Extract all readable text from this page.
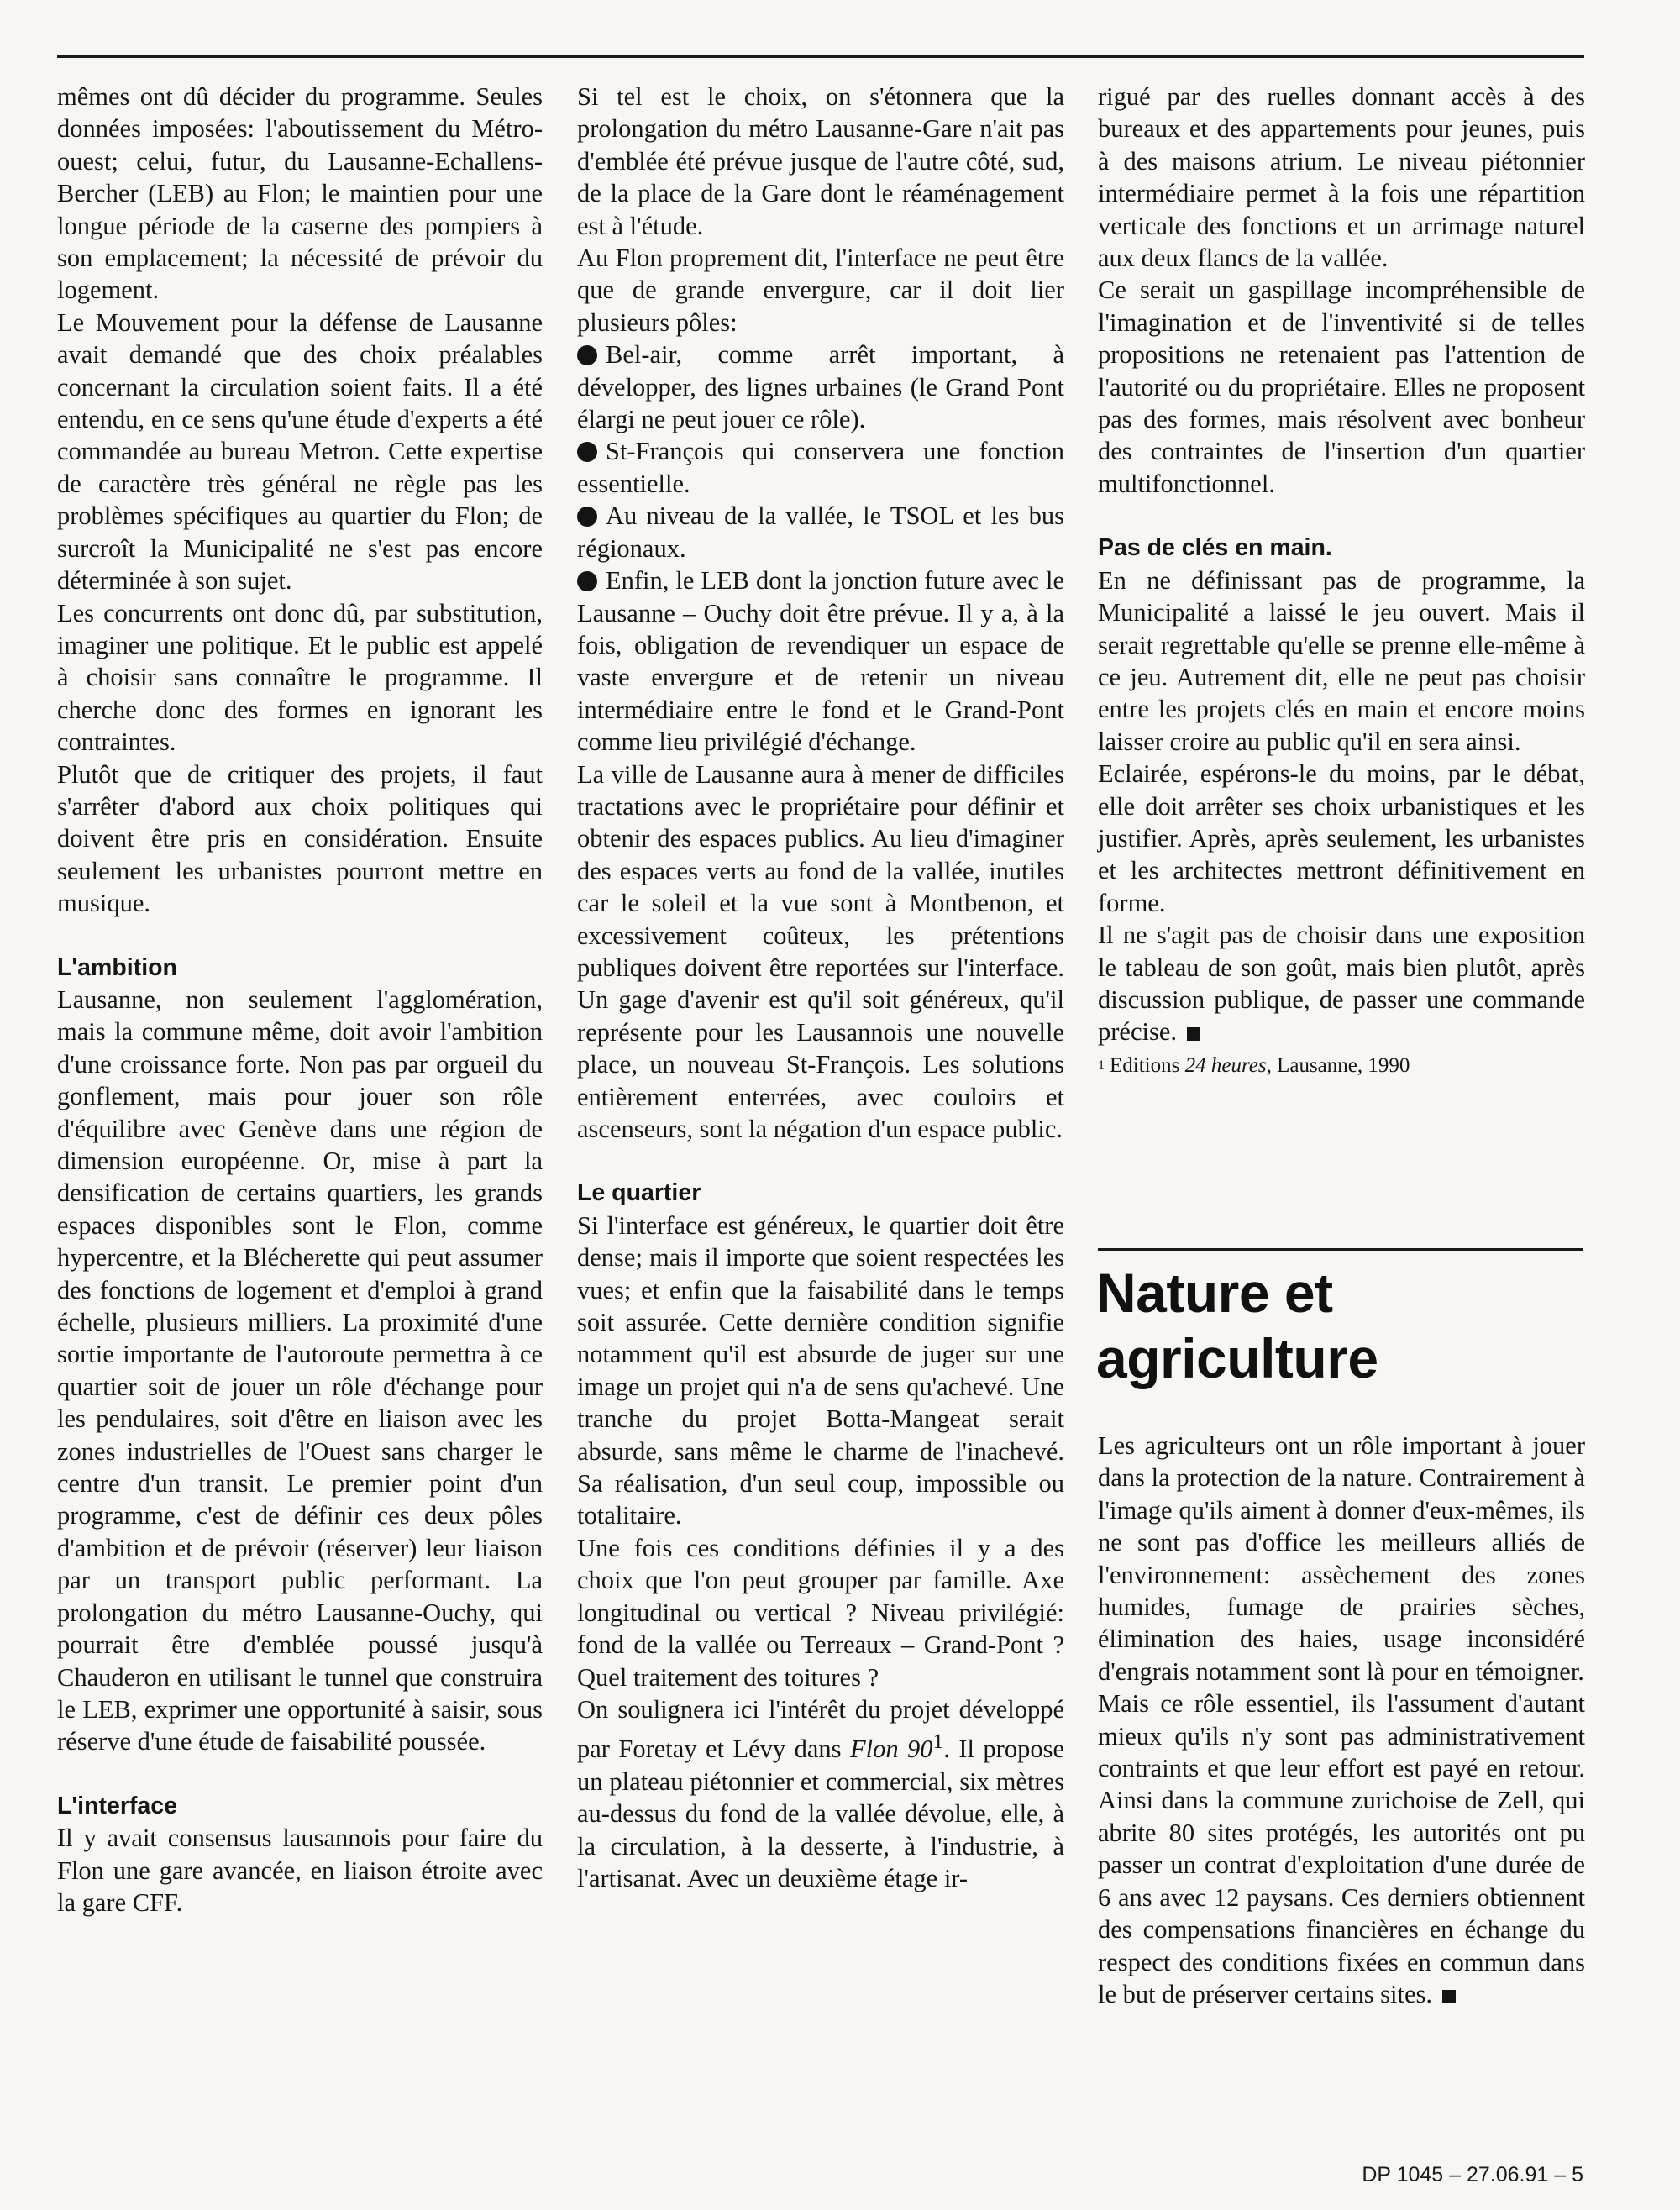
mêmes ont dû décider du programme. Seules données imposées: l'aboutissement du Métro-ouest; celui, futur, du Lausanne-Echallens-Bercher (LEB) au Flon; le maintien pour une longue période de la caserne des pompiers à son emplacement; la nécessité de prévoir du logement.

Le Mouvement pour la défense de Lausanne avait demandé que des choix préalables concernant la circulation soient faits. Il a été entendu, en ce sens qu'une étude d'experts a été commandée au bureau Metron. Cette expertise de caractère très général ne règle pas les problèmes spécifiques au quartier du Flon; de surcroît la Municipalité ne s'est pas encore déterminée à son sujet.

Les concurrents ont donc dû, par substitution, imaginer une politique. Et le public est appelé à choisir sans connaître le programme. Il cherche donc des formes en ignorant les contraintes.

Plutôt que de critiquer des projets, il faut s'arrêter d'abord aux choix politiques qui doivent être pris en considération. Ensuite seulement les urbanistes pourront mettre en musique.

L'ambition

Lausanne, non seulement l'agglomération, mais la commune même, doit avoir l'ambition d'une croissance forte. Non pas par orgueil du gonflement, mais pour jouer son rôle d'équilibre avec Genève dans une région de dimension européenne. Or, mise à part la densification de certains quartiers, les grands espaces disponibles sont le Flon, comme hypercentre, et la Blécherette qui peut assumer des fonctions de logement et d'emploi à grand échelle, plusieurs milliers. La proximité d'une sortie importante de l'autoroute permettra à ce quartier soit de jouer un rôle d'échange pour les pendulaires, soit d'être en liaison avec les zones industrielles de l'Ouest sans charger le centre d'un transit. Le premier point d'un programme, c'est de définir ces deux pôles d'ambition et de prévoir (réserver) leur liaison par un transport public performant. La prolongation du métro Lausanne-Ouchy, qui pourrait être d'emblée poussé jusqu'à Chauderon en utilisant le tunnel que construira le LEB, exprimer une opportunité à saisir, sous réserve d'une étude de faisabilité poussée.

L'interface

Il y avait consensus lausannois pour faire du Flon une gare avancée, en liaison étroite avec la gare CFF.

Si tel est le choix, on s'étonnera que la prolongation du métro Lausanne-Gare n'ait pas d'emblée été prévue jusque de l'autre côté, sud, de la place de la Gare dont le réaménagement est à l'étude.

Au Flon proprement dit, l'interface ne peut être que de grande envergure, car il doit lier plusieurs pôles:

Bel-air, comme arrêt important, à développer, des lignes urbaines (le Grand Pont élargi ne peut jouer ce rôle).

St-François qui conservera une fonction essentielle.

Au niveau de la vallée, le TSOL et les bus régionaux.

Enfin, le LEB dont la jonction future avec le Lausanne – Ouchy doit être prévue. Il y a, à la fois, obligation de revendiquer un espace de vaste envergure et de retenir un niveau intermédiaire entre le fond et le Grand-Pont comme lieu privilégié d'échange.

La ville de Lausanne aura à mener de difficiles tractations avec le propriétaire pour définir et obtenir des espaces publics. Au lieu d'imaginer des espaces verts au fond de la vallée, inutiles car le soleil et la vue sont à Montbenon, et excessivement coûteux, les prétentions publiques doivent être reportées sur l'interface. Un gage d'avenir est qu'il soit généreux, qu'il représente pour les Lausannois une nouvelle place, un nouveau St-François. Les solutions entièrement enterrées, avec couloirs et ascenseurs, sont la négation d'un espace public.

Le quartier

Si l'interface est généreux, le quartier doit être dense; mais il importe que soient respectées les vues; et enfin que la faisabilité dans le temps soit assurée. Cette dernière condition signifie notamment qu'il est absurde de juger sur une image un projet qui n'a de sens qu'achevé. Une tranche du projet Botta-Mangeat serait absurde, sans même le charme de l'inachevé. Sa réalisation, d'un seul coup, impossible ou totalitaire.

Une fois ces conditions définies il y a des choix que l'on peut grouper par famille. Axe longitudinal ou vertical ? Niveau privilégié: fond de la vallée ou Terreaux – Grand-Pont ? Quel traitement des toitures ?

On soulignera ici l'intérêt du projet développé par Foretay et Lévy dans Flon $90^1$. Il propose un plateau piétonnier et commercial, six mètres au-dessus du fond de la vallée dévolue, elle, à la circulation, à la desserte, à l'industrie, à l'artisanat. Avec un deuxième étage ir-

rigué par des ruelles donnant accès à des bureaux et des appartements pour jeunes, puis à des maisons atrium. Le niveau piétonnier intermédiaire permet à la fois une répartition verticale des fonctions et un arrimage naturel aux deux flancs de la vallée.

Ce serait un gaspillage incompréhensible de l'imagination et de l'inventivité si de telles propositions ne retenaient pas l'attention de l'autorité ou du propriétaire. Elles ne proposent pas des formes, mais résolvent avec bonheur des contraintes de l'insertion d'un quartier multifonctionnel.

Pas de clés en main.

En ne définissant pas de programme, la Municipalité a laissé le jeu ouvert. Mais il serait regrettable qu'elle se prenne elle-même à ce jeu. Autrement dit, elle ne peut pas choisir entre les projets clés en main et encore moins laisser croire au public qu'il en sera ainsi.

Eclairée, espérons-le du moins, par le débat, elle doit arrêter ses choix urbanistiques et les justifier. Après, après seulement, les urbanistes et les architectes mettront définitivement en forme.

Il ne s'agit pas de choisir dans une exposition le tableau de son goût, mais bien plutôt, après discussion publique, de passer une commande précise.

$^1$ Editions 24 heures, Lausanne, 1990
Nature et
agriculture

Les agriculteurs ont un rôle important à jouer dans la protection de la nature. Contrairement à l'image qu'ils aiment à donner d'eux-mêmes, ils ne sont pas d'office les meilleurs alliés de l'environnement: assèchement des zones humides, fumage de prairies sèches, élimination des haies, usage inconsidéré d'engrais notamment sont là pour en témoigner.

Mais ce rôle essentiel, ils l'assument d'autant mieux qu'ils n'y sont pas administrativement contraints et que leur effort est payé en retour. Ainsi dans la commune zurichoise de Zell, qui abrite 80 sites protégés, les autorités ont pu passer un contrat d'exploitation d'une durée de 6 ans avec 12 paysans. Ces derniers obtiennent des compensations financières en échange du respect des conditions fixées en commun dans le but de préserver certains sites.

DP 1045 – 27.06.91 – 5
